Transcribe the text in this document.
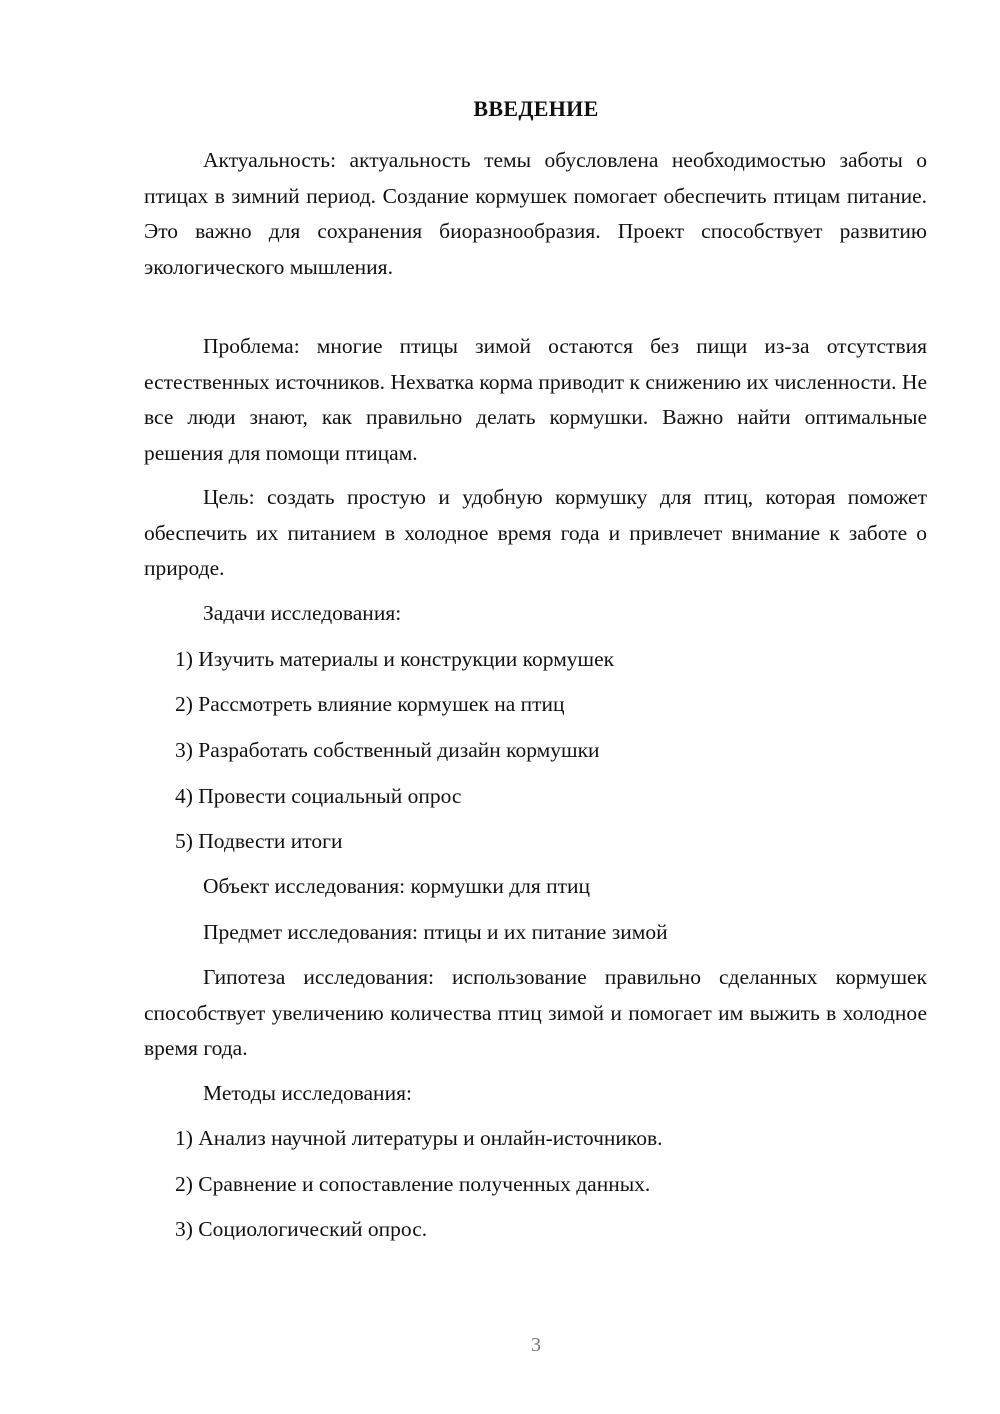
ВВЕДЕНИЕ

Актуальность: актуальность темы обусловлена необходимостью заботы о птицах в зимний период. Создание кормушек помогает обеспечить птицам питание. Это важно для сохранения биоразнообразия. Проект способствует развитию экологического мышления.

Проблема: многие птицы зимой остаются без пищи из-за отсутствия естественных источников. Нехватка корма приводит к снижению их численности. Не все люди знают, как правильно делать кормушки. Важно найти оптимальные решения для помощи птицам.

Цель: создать простую и удобную кормушку для птиц, которая поможет обеспечить их питанием в холодное время года и привлечет внимание к заботе о природе.

Задачи исследования:
1) Изучить материалы и конструкции кормушек
2) Рассмотреть влияние кормушек на птиц
3) Разработать собственный дизайн кормушки
4) Провести социальный опрос
5) Подвести итоги
Объект исследования: кормушки для птиц
Предмет исследования: птицы и их питание зимой

Гипотеза исследования: использование правильно сделанных кормушек способствует увеличению количества птиц зимой и помогает им выжить в холодное время года.

Методы исследования:
1) Анализ научной литературы и онлайн-источников.
2) Сравнение и сопоставление полученных данных.
3) Социологический опрос.
3
